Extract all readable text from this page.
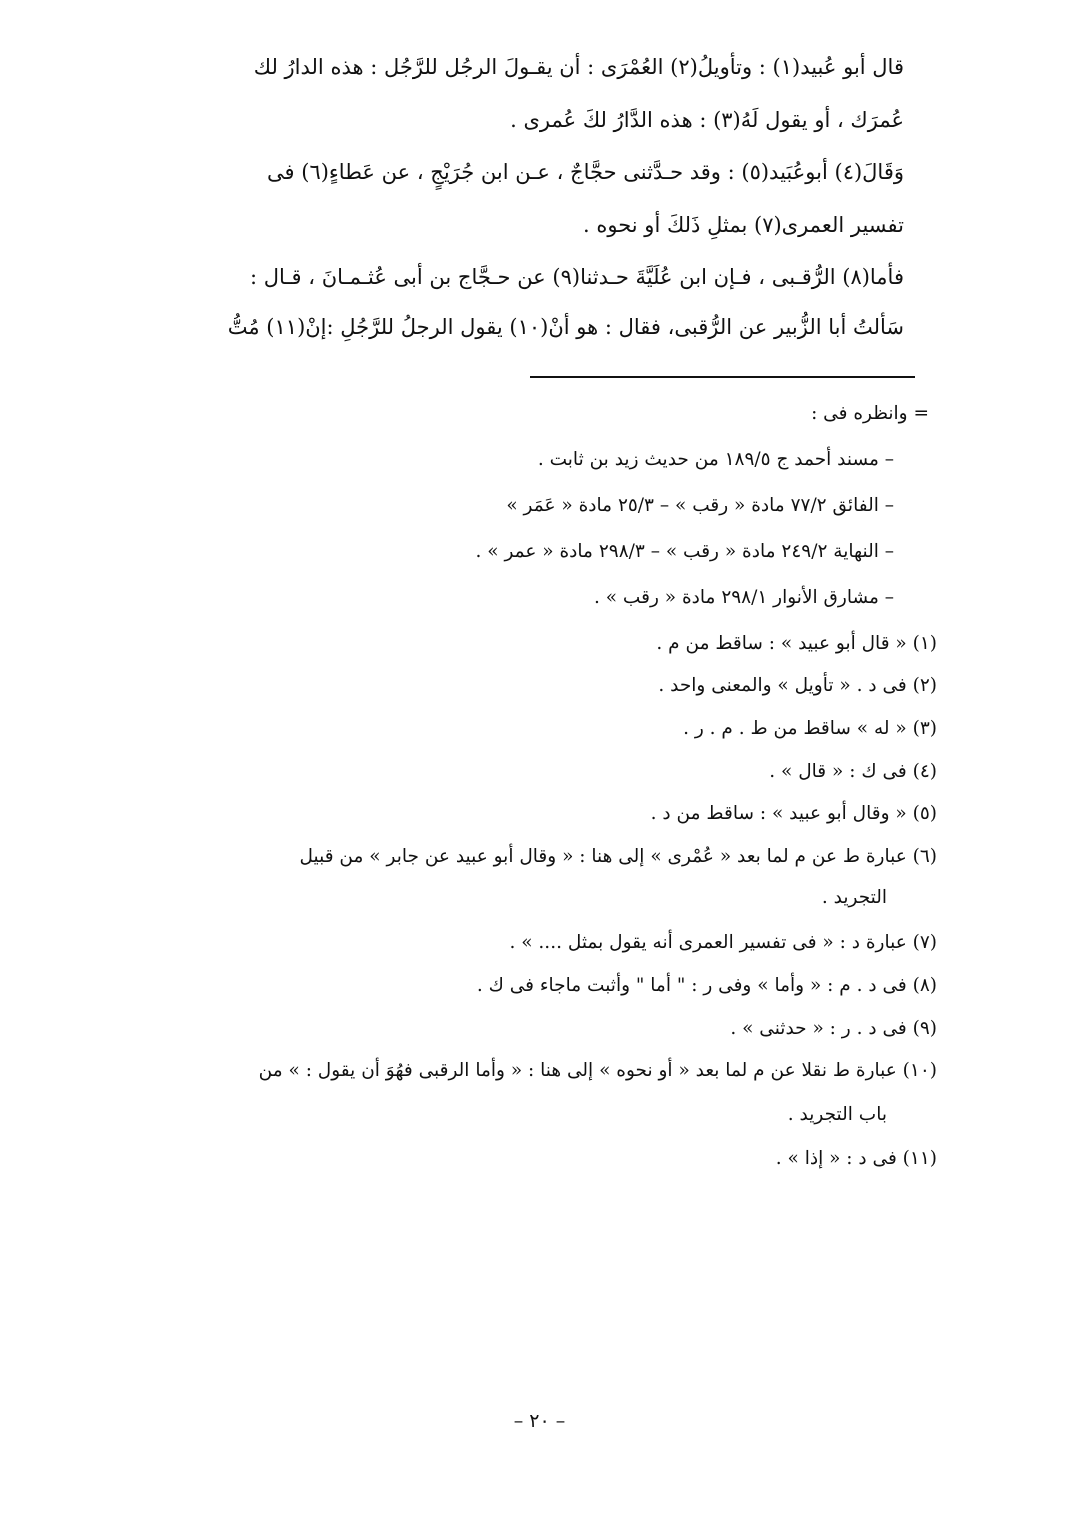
قال أبو عُبيد(١) : وتأويلُ(٢) العُمْرَى : أن يقـولَ الرجُل للرَّجُل : هذه الدارُ لك
عُمرَك ، أو يقول لَهُ(٣) : هذه الدَّارُ لكَ عُمرى .
وَقَالَ(٤) أبوعُبَيد(٥) : وقد حـدَّثنى حجَّاجٌ ، عـن ابن جُرَيْجٍ ، عن عَطاءٍ(٦) فى
تفسير العمرى(٧) بمثلِ ذَلكَ أو نحوه .
فأما(٨) الرُّقـبى ، فـإن ابن عُلَيَّةَ حـدثنا(٩) عن حـجَّاج بن أبى عُثـمـانَ ، قـال :
سَألتُ أبا الزُّبير عن الرُّقبى، فقال : هو أنْ(١٠) يقول الرجلُ للرَّجُلِ :إنْ(١١) مُتُّ
= وانظره فى :
– مسند أحمد ج ١٨٩/٥ من حديث زيد بن ثابت .
– الفائق ٧٧/٢ مادة « رقب » – ٢٥/٣ مادة « عَمَر »
– النهاية ٢٤٩/٢ مادة « رقب » – ٢٩٨/٣ مادة « عمر » .
– مشارق الأنوار ٢٩٨/١ مادة « رقب » .
(١) « قال أبو عبيد » : ساقط من م .
(٢) فى د . « تأويل » والمعنى واحد .
(٣) « له » ساقط من ط . م . ر .
(٤) فى ك : « قال » .
(٥) « وقال أبو عبيد » : ساقط من د .
(٦) عبارة ط عن م لما بعد « عُمْرى » إلى هنا : « وقال أبو عبيد عن جابر » من قبيل
التجريد .
(٧) عبارة د : « فى تفسير العمرى أنه يقول بمثل .... » .
(٨) فى د . م : « وأما » وفى ر : " أما " وأثبت ماجاء فى ك .
(٩) فى د . ر : « حدثنى » .
(١٠) عبارة ط نقلا عن م لما بعد « أو نحوه » إلى هنا : « وأما الرقبى فهُوَ أن يقول : » من
باب التجريد .
(١١) فى د : « إذا » .
– ٢٠ –
